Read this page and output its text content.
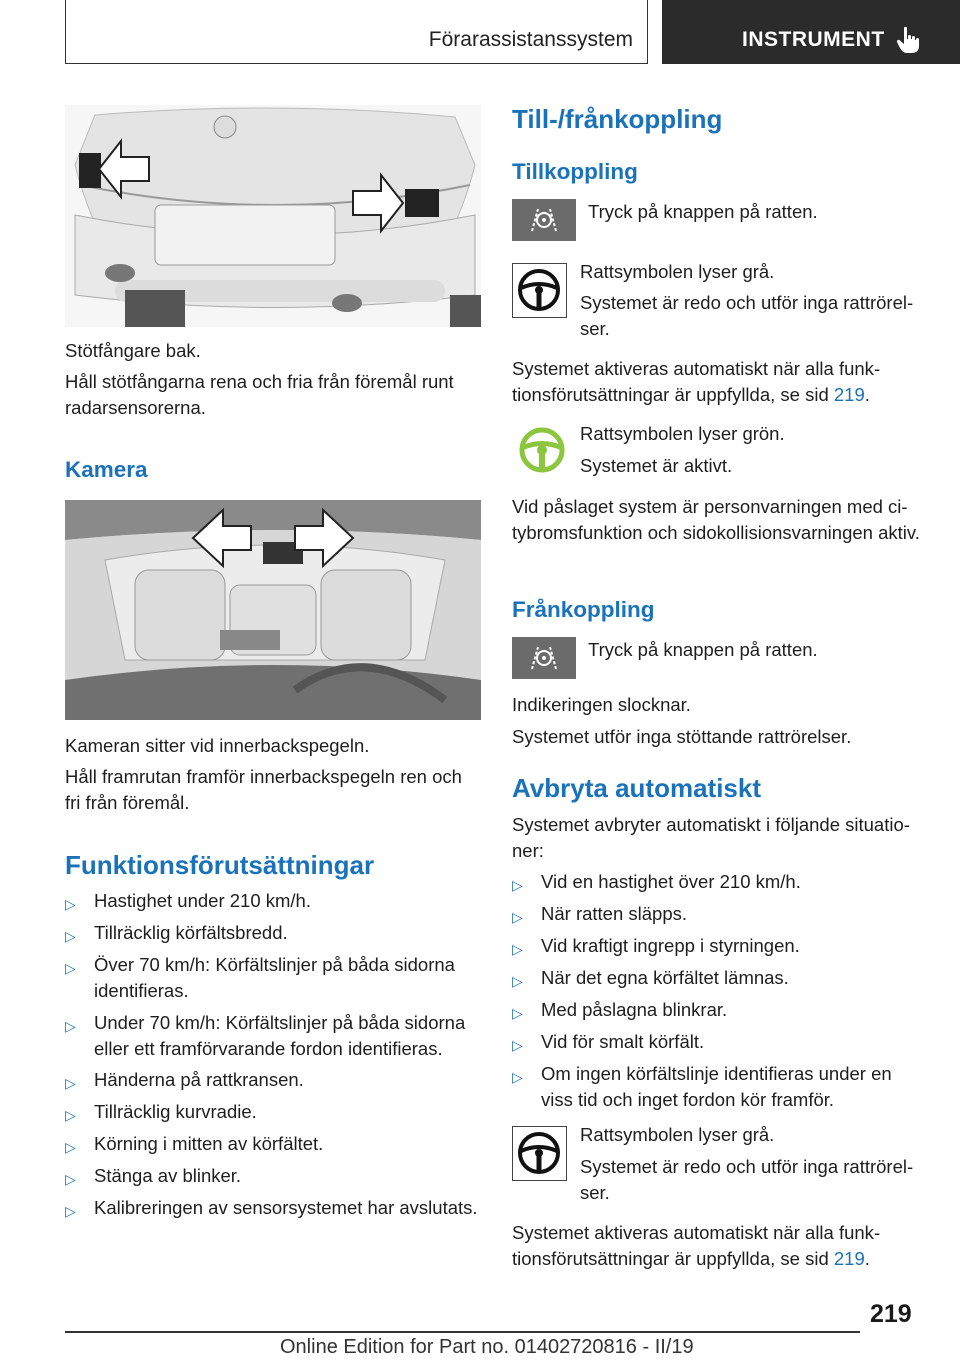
Förarassistanssystem	INSTRUMENT
Stötfångare bak.
Håll stötfångarna rena och fria från föremål runt radarsensorerna.
Kamera
Kameran sitter vid innerbackspegeln.
Håll framrutan framför innerbackspegeln ren och fri från föremål.
Funktionsförutsättningar
▷ Hastighet under 210 km/h.
▷ Tillräcklig körfältsbredd.
▷ Över 70 km/h: Körfältslinjer på båda sidorna identifieras.
▷ Under 70 km/h: Körfältslinjer på båda sidorna eller ett framförvarande fordon identifieras.
▷ Händerna på rattkransen.
▷ Tillräcklig kurvradie.
▷ Körning i mitten av körfältet.
▷ Stänga av blinker.
▷ Kalibreringen av sensorsystemet har avslutats.
Till-/frånkoppling
Tillkoppling
Tryck på knappen på ratten.
Rattsymbolen lyser grå.
Systemet är redo och utför inga rattrörelser.
Systemet aktiveras automatiskt när alla funktionsförutsättningar är uppfyllda, se sid 219.
Rattsymbolen lyser grön.
Systemet är aktivt.
Vid påslaget system är personvarningen med citybromsfunktion och sidokollisionsvarningen aktiv.
Frånkoppling
Tryck på knappen på ratten.
Indikeringen slocknar.
Systemet utför inga stöttande rattrörelser.
Avbryta automatiskt
Systemet avbryter automatiskt i följande situationer:
▷ Vid en hastighet över 210 km/h.
▷ När ratten släpps.
▷ Vid kraftigt ingrepp i styrningen.
▷ När det egna körfältet lämnas.
▷ Med påslagna blinkrar.
▷ Vid för smalt körfält.
▷ Om ingen körfältslinje identifieras under en viss tid och inget fordon kör framför.
Rattsymbolen lyser grå.
Systemet är redo och utför inga rattrörelser.
Systemet aktiveras automatiskt när alla funktionsförutsättningar är uppfyllda, se sid 219.
219
Online Edition for Part no. 01402720816 - II/19
